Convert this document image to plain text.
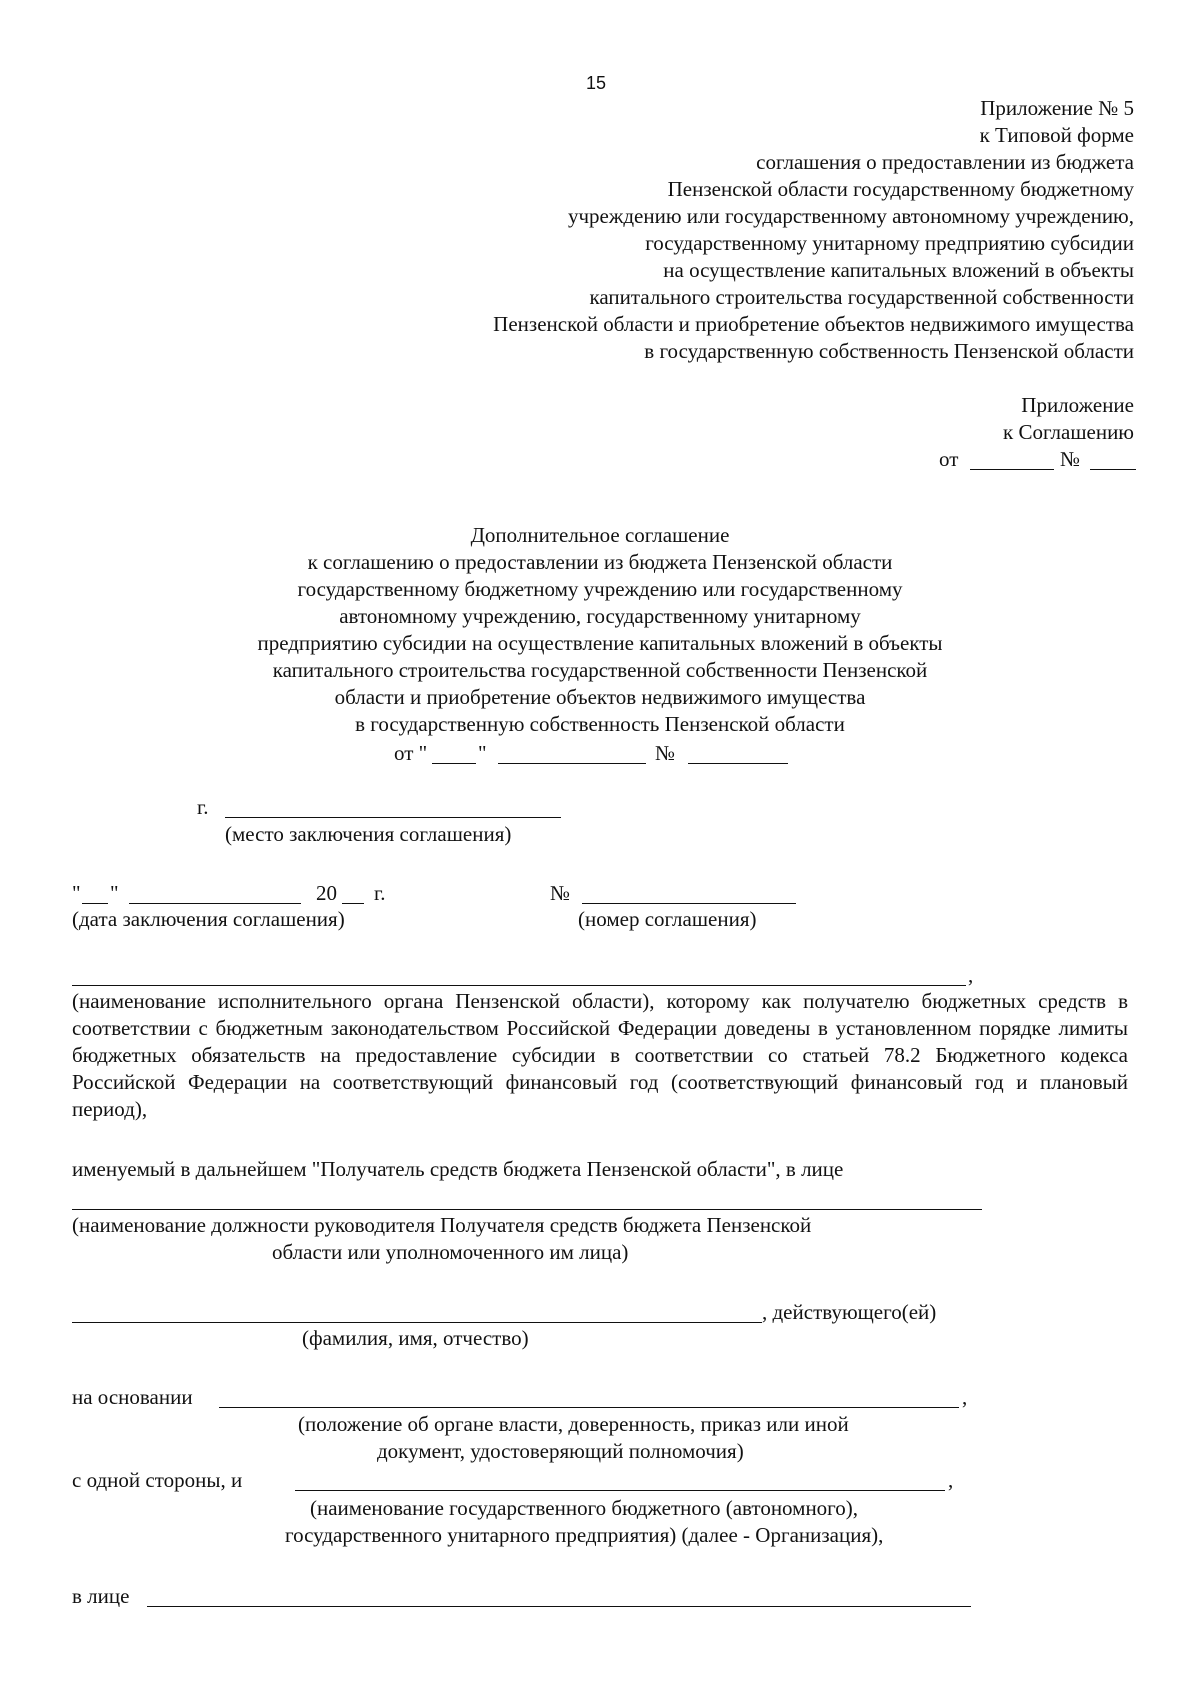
15
Приложение № 5
к Типовой форме
соглашения о предоставлении из бюджета
Пензенской области государственному бюджетному
учреждению или государственному автономному учреждению,
государственному унитарному предприятию субсидии
на осуществление капитальных вложений в объекты
капитального строительства государственной собственности
Пензенской области и приобретение объектов недвижимого имущества
в государственную собственность Пензенской области
Приложение
к Соглашению
от	№
Дополнительное соглашение
к соглашению о предоставлении из бюджета Пензенской области
государственному бюджетному учреждению или государственному
автономному учреждению, государственному унитарному
предприятию субсидии на осуществление капитальных вложений в объекты
капитального строительства государственной собственности Пензенской
области и приобретение объектов недвижимого имущества
в государственную собственность Пензенской области
от " "	№
г.
(место заключения соглашения)
" "	20 г.
(дата заключения соглашения)
№
(номер соглашения)
,
(наименование исполнительного органа Пензенской области), которому как получателю бюджетных средств в соответствии с бюджетным законодательством Российской Федерации доведены в установленном порядке лимиты бюджетных обязательств на предоставление субсидии в соответствии со статьей 78.2 Бюджетного кодекса Российской Федерации на соответствующий финансовый год (соответствующий финансовый год и плановый период),
именуемый в дальнейшем "Получатель средств бюджета Пензенской области", в лице
(наименование должности руководителя Получателя средств бюджета Пензенской
области или уполномоченного им лица)
, действующего(ей)
(фамилия, имя, отчество)
на основании	,
(положение об органе власти, доверенность, приказ или иной
документ, удостоверяющий полномочия)
с одной стороны, и	,
(наименование государственного бюджетного (автономного),
государственного унитарного предприятия) (далее - Организация),
в лице
